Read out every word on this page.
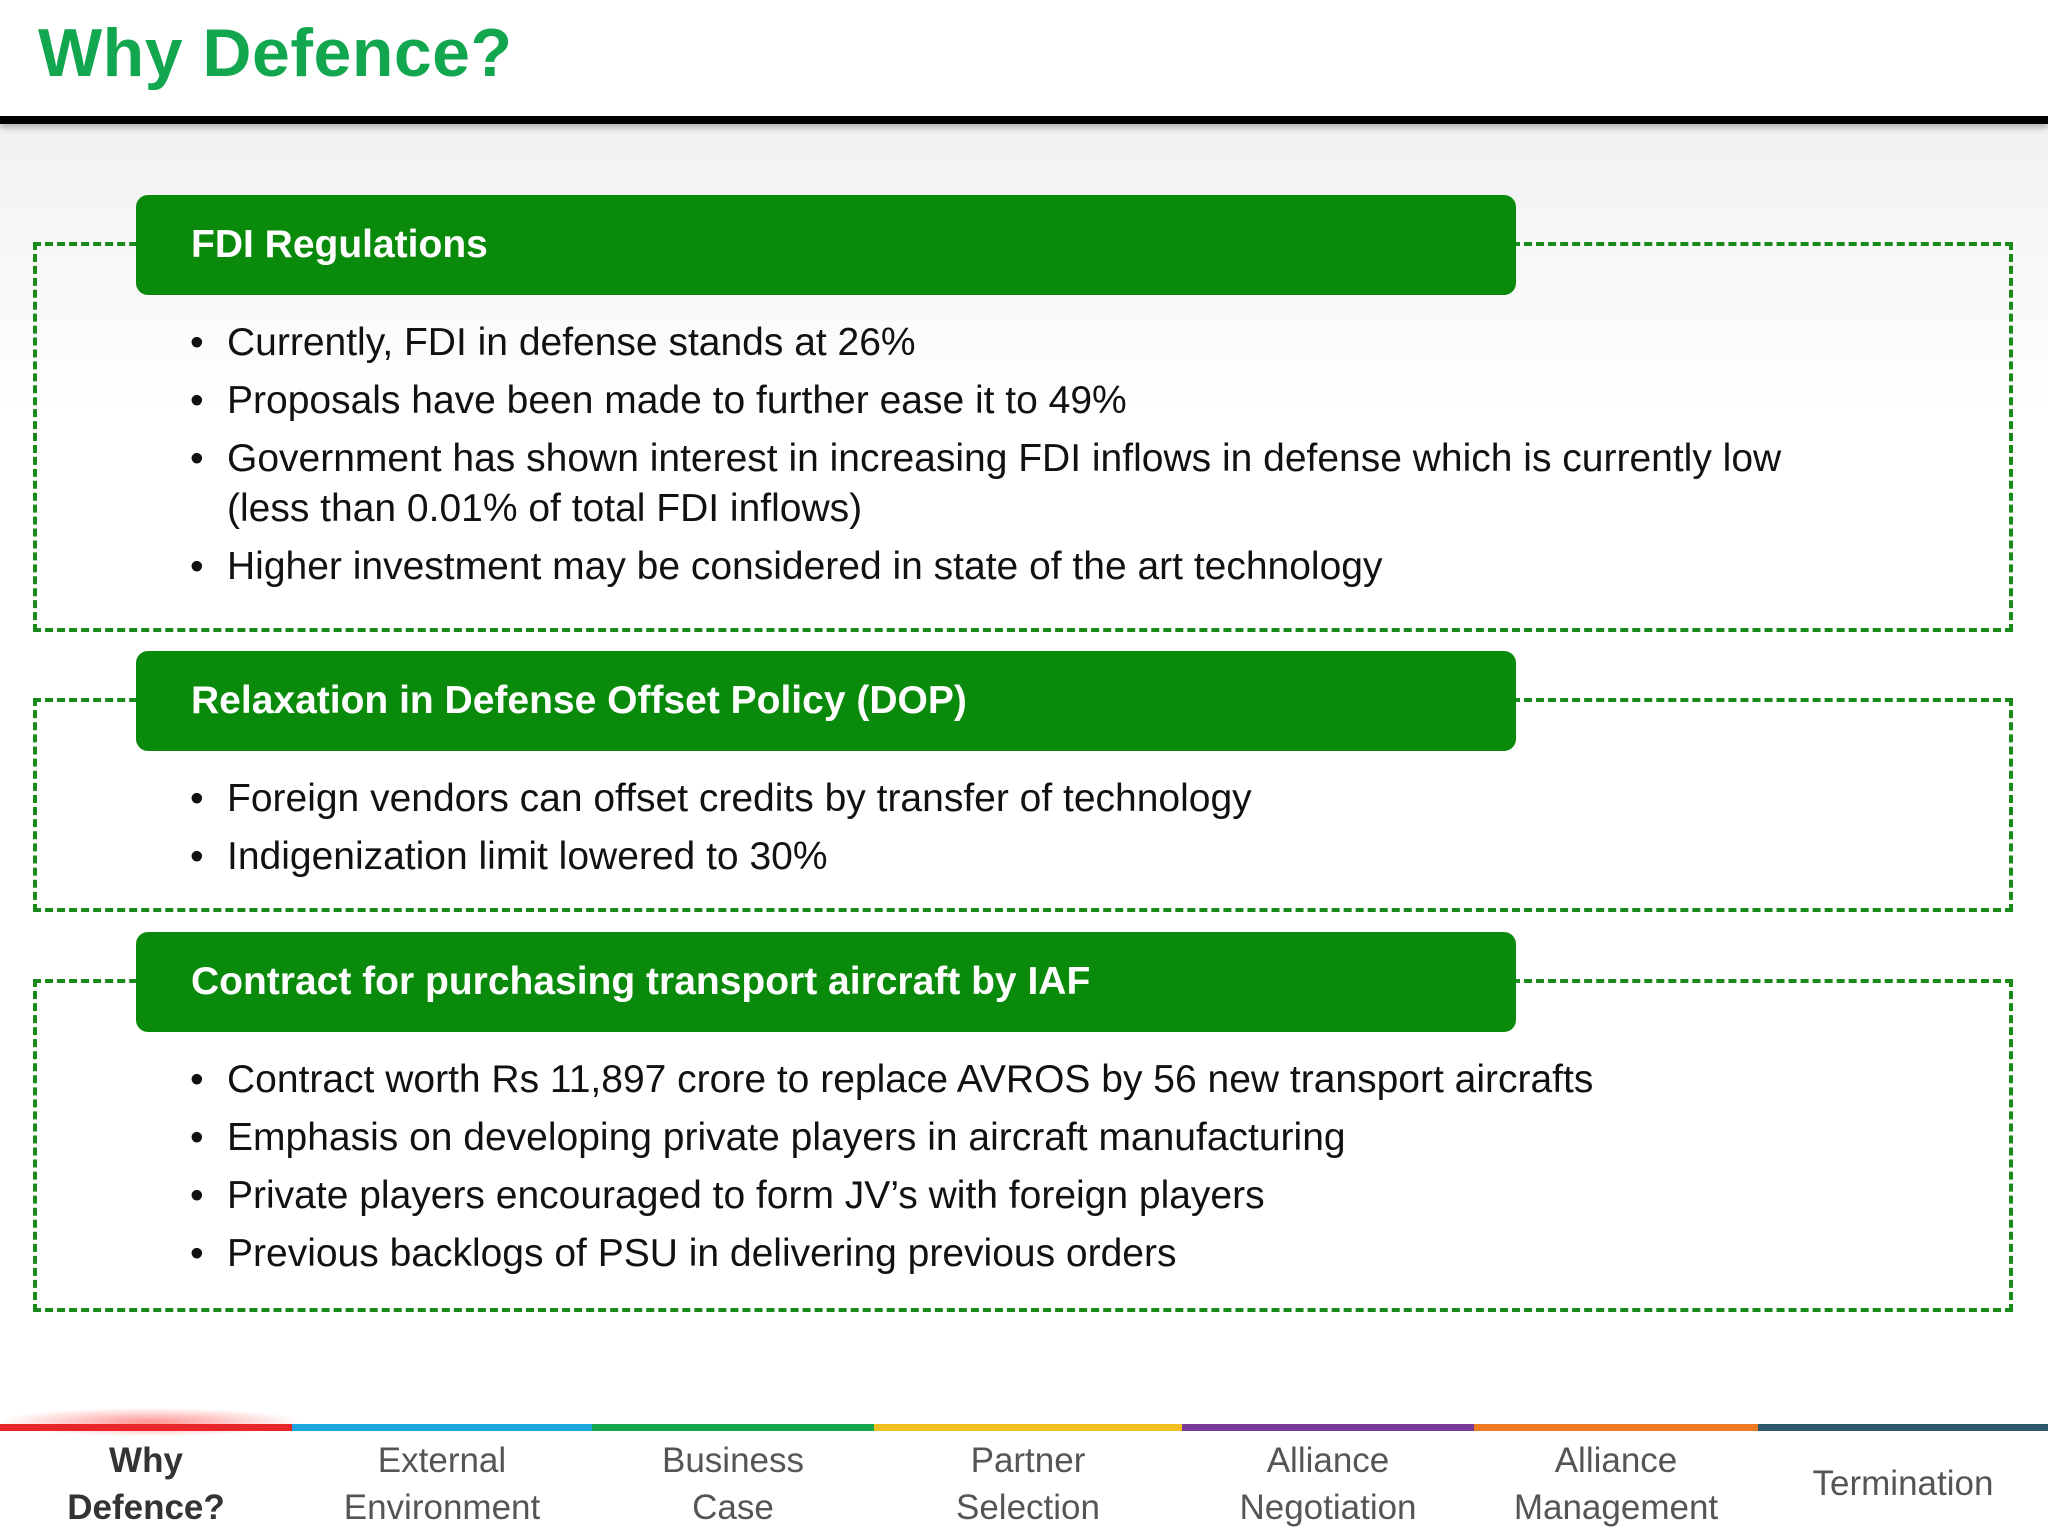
Why Defence?
FDI Regulations
• Currently, FDI in defense stands at 26%
• Proposals have been made to further ease it to 49%
• Government has shown interest in increasing FDI inflows in defense which is currently low (less than 0.01% of total FDI inflows)
• Higher investment may be considered in state of the art technology
Relaxation in Defense Offset Policy (DOP)
• Foreign vendors can offset credits by transfer of technology
• Indigenization limit lowered to 30%
Contract for purchasing transport aircraft by IAF
• Contract worth Rs 11,897 crore to replace AVROS by 56 new transport aircrafts
• Emphasis on developing private players in aircraft manufacturing
• Private players encouraged to form JV’s with foreign players
• Previous backlogs of PSU in delivering previous orders
Why
Defence?
External
Environment
Business
Case
Partner
Selection
Alliance
Negotiation
Alliance
Management
Termination
